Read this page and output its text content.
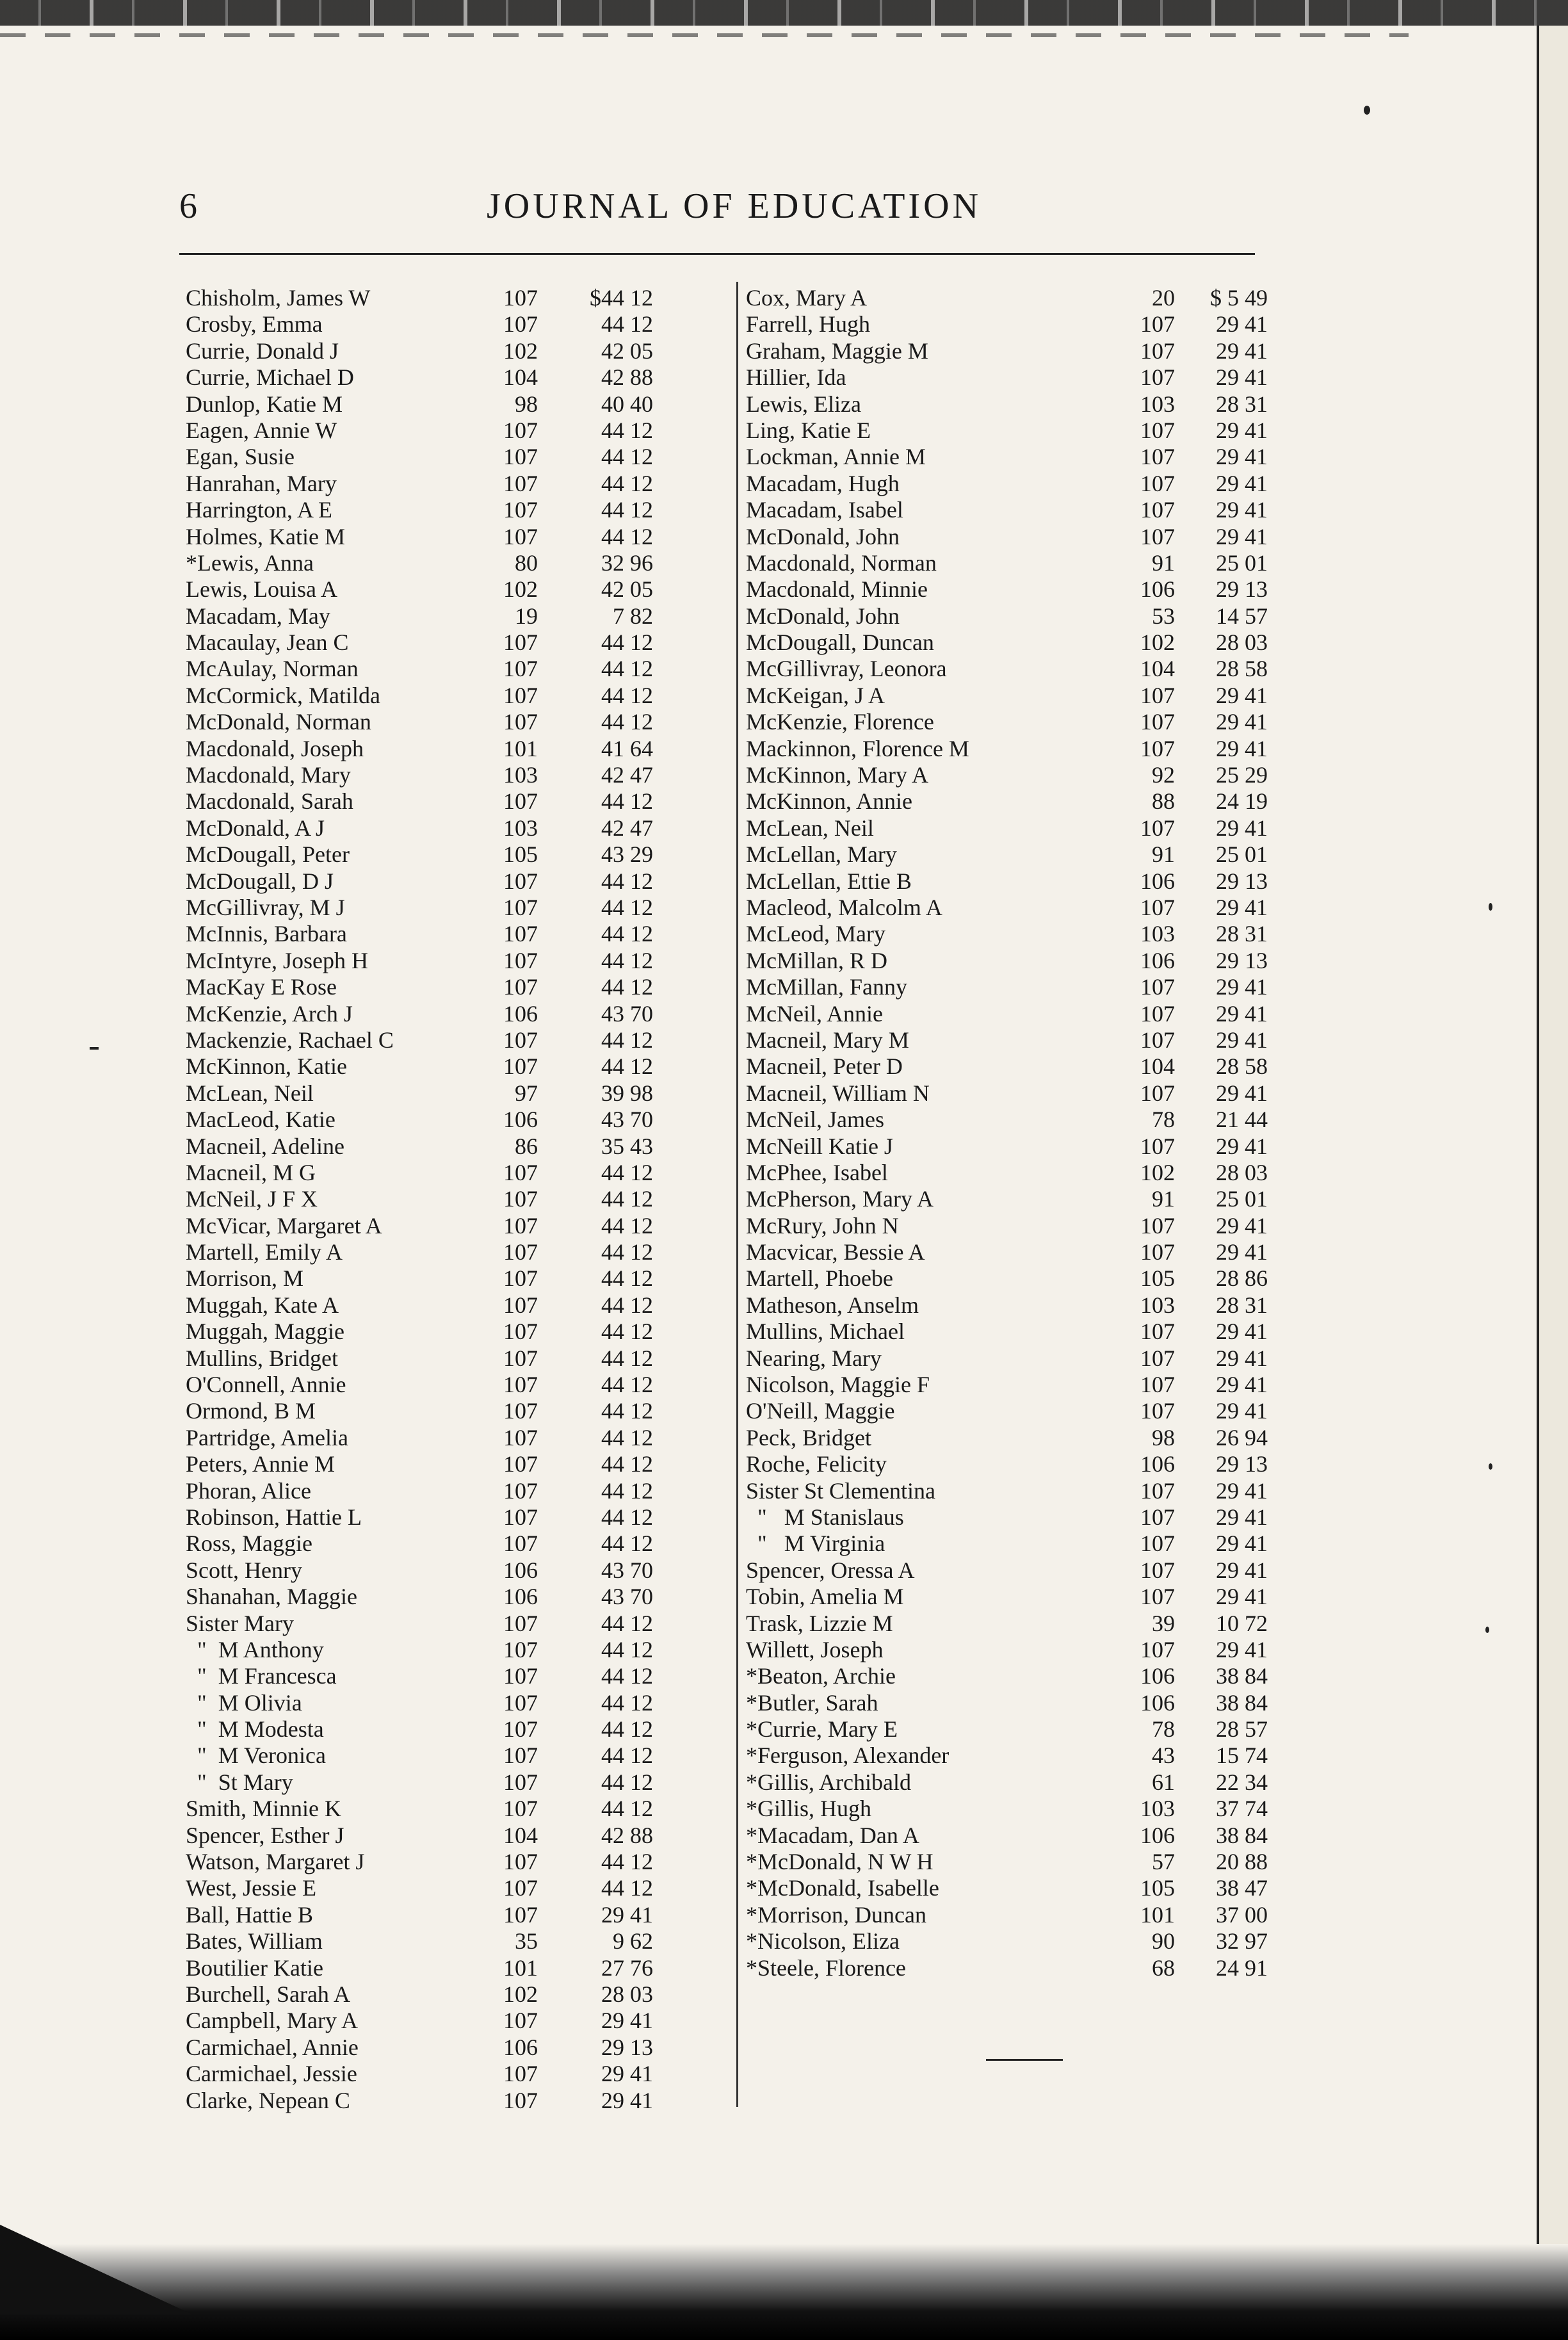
6	JOURNAL OF EDUCATION
Chisholm, James W	107	$44 12
Crosby, Emma	107	44 12
Currie, Donald J	102	42 05
Currie, Michael D	104	42 88
Dunlop, Katie M	98	40 40
Eagen, Annie W	107	44 12
Egan, Susie	107	44 12
Hanrahan, Mary	107	44 12
Harrington, A E	107	44 12
Holmes, Katie M	107	44 12
*Lewis, Anna	80	32 96
Lewis, Louisa A	102	42 05
Macadam, May	19	7 82
Macaulay, Jean C	107	44 12
McAulay, Norman	107	44 12
McCormick, Matilda	107	44 12
McDonald, Norman	107	44 12
Macdonald, Joseph	101	41 64
Macdonald, Mary	103	42 47
Macdonald, Sarah	107	44 12
McDonald, A J	103	42 47
McDougall, Peter	105	43 29
McDougall, D J	107	44 12
McGillivray, M J	107	44 12
McInnis, Barbara	107	44 12
McIntyre, Joseph H	107	44 12
MacKay E Rose	107	44 12
McKenzie, Arch J	106	43 70
Mackenzie, Rachael C	107	44 12
McKinnon, Katie	107	44 12
McLean, Neil	97	39 98
MacLeod, Katie	106	43 70
Macneil, Adeline	86	35 43
Macneil, M G	107	44 12
McNeil, J F X	107	44 12
McVicar, Margaret A	107	44 12
Martell, Emily A	107	44 12
Morrison, M	107	44 12
Muggah, Kate A	107	44 12
Muggah, Maggie	107	44 12
Mullins, Bridget	107	44 12
O'Connell, Annie	107	44 12
Ormond, B M	107	44 12
Partridge, Amelia	107	44 12
Peters, Annie M	107	44 12
Phoran, Alice	107	44 12
Robinson, Hattie L	107	44 12
Ross, Maggie	107	44 12
Scott, Henry	106	43 70
Shanahan, Maggie	106	43 70
Sister Mary	107	44 12
"  M Anthony	107	44 12
"  M Francesca	107	44 12
"  M Olivia	107	44 12
"  M Modesta	107	44 12
"  M Veronica	107	44 12
"  St Mary	107	44 12
Smith, Minnie K	107	44 12
Spencer, Esther J	104	42 88
Watson, Margaret J	107	44 12
West, Jessie E	107	44 12
Ball, Hattie B	107	29 41
Bates, William	35	9 62
Boutilier Katie	101	27 76
Burchell, Sarah A	102	28 03
Campbell, Mary A	107	29 41
Carmichael, Annie	106	29 13
Carmichael, Jessie	107	29 41
Clarke, Nepean C	107	29 41
Cox, Mary A	20	$ 5 49
Farrell, Hugh	107	29 41
Graham, Maggie M	107	29 41
Hillier, Ida	107	29 41
Lewis, Eliza	103	28 31
Ling, Katie E	107	29 41
Lockman, Annie M	107	29 41
Macadam, Hugh	107	29 41
Macadam, Isabel	107	29 41
McDonald, John	107	29 41
Macdonald, Norman	91	25 01
Macdonald, Minnie	106	29 13
McDonald, John	53	14 57
McDougall, Duncan	102	28 03
McGillivray, Leonora	104	28 58
McKeigan, J A	107	29 41
McKenzie, Florence	107	29 41
Mackinnon, Florence M	107	29 41
McKinnon, Mary A	92	25 29
McKinnon, Annie	88	24 19
McLean, Neil	107	29 41
McLellan, Mary	91	25 01
McLellan, Ettie B	106	29 13
Macleod, Malcolm A	107	29 41
McLeod, Mary	103	28 31
McMillan, R D	106	29 13
McMillan, Fanny	107	29 41
McNeil, Annie	107	29 41
Macneil, Mary M	107	29 41
Macneil, Peter D	104	28 58
Macneil, William N	107	29 41
McNeil, James	78	21 44
McNeill Katie J	107	29 41
McPhee, Isabel	102	28 03
McPherson, Mary A	91	25 01
McRury, John N	107	29 41
Macvicar, Bessie A	107	29 41
Martell, Phoebe	105	28 86
Matheson, Anselm	103	28 31
Mullins, Michael	107	29 41
Nearing, Mary	107	29 41
Nicolson, Maggie F	107	29 41
O'Neill, Maggie	107	29 41
Peck, Bridget	98	26 94
Roche, Felicity	106	29 13
Sister St Clementina	107	29 41
"   M Stanislaus	107	29 41
"   M Virginia	107	29 41
Spencer, Oressa A	107	29 41
Tobin, Amelia M	107	29 41
Trask, Lizzie M	39	10 72
Willett, Joseph	107	29 41
*Beaton, Archie	106	38 84
*Butler, Sarah	106	38 84
*Currie, Mary E	78	28 57
*Ferguson, Alexander	43	15 74
*Gillis, Archibald	61	22 34
*Gillis, Hugh	103	37 74
*Macadam, Dan A	106	38 84
*McDonald, N W H	57	20 88
*McDonald, Isabelle	105	38 47
*Morrison, Duncan	101	37 00
*Nicolson, Eliza	90	32 97
*Steele, Florence	68	24 91
